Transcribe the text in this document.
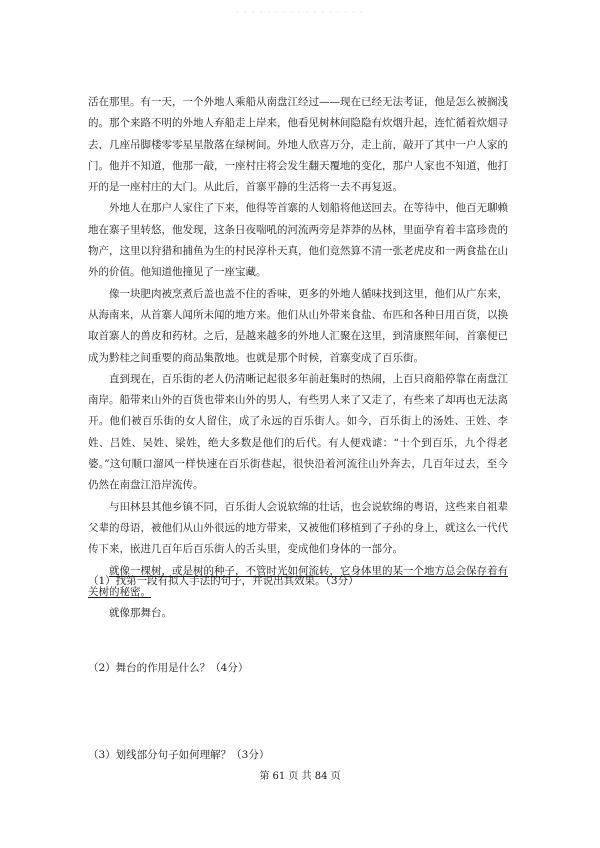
· · · · · · · · · · · · · · · · ·

活在那里。有一天，一个外地人乘船从南盘江经过——现在已经无法考证，他是怎么被搁浅的。那个来路不明的外地人弃船走上岸来，他看见树林间隐隐有炊烟升起，连忙循着炊烟寻去，几座吊脚楼零零星星散落在绿树间。外地人欣喜万分，走上前，敲开了其中一户人家的门。他并不知道，他那一敲，一座村庄将会发生翻天覆地的变化，那户人家也不知道，他打开的是一座村庄的大门。从此后，首寨平静的生活将一去不再复返。

外地人在那户人家住了下来，他得等首寨的人划船将他送回去。在等待中，他百无聊赖地在寨子里转悠，他发现，这条日夜喘吼的河流两旁是莽莽的丛林，里面孕育着丰富珍贵的物产，这里以狩猎和捕鱼为生的村民淳朴天真，他们竟然算不清一张老虎皮和一两食盐在山外的价值。他知道他撞见了一座宝藏。

像一块肥肉被烹煮后盖也盖不住的香味，更多的外地人循味找到这里，他们从广东来，从海南来，从首寨人闻所未闻的地方来。他们从山外带来食盐、布匹和各种日用百货，以换取首寨人的兽皮和药材。之后，是越来越多的外地人汇聚在这里，到清康熙年间，首寨便已成为黔桂之间重要的商品集散地。也就是那个时候，首寨变成了百乐街。

直到现在，百乐街的老人仍清晰记起很多年前赶集时的热闹，上百只商船停靠在南盘江南岸。船带来山外的百货也带来山外的男人，有些男人来了又走了，有些来了却再也无法离开。他们被百乐街的女人留住，成了永远的百乐街人。如今，百乐街上的汤姓、王姓、李姓、吕姓、吴姓、梁姓，绝大多数是他们的后代。有人便戏谑：“十个到百乐，九个得老婆。”这句顺口溜风一样快速在百乐街巷起，很快沿着河流往山外奔去，几百年过去，至今仍然在南盘江沿岸流传。

与田林县其他乡镇不同，百乐街人会说软绵的壮话，也会说软绵的粤语，这些来自祖辈父辈的母语，被他们从山外很远的地方带来，又被他们移植到了子孙的身上，就这么一代代传下来，嵌进几百年后百乐街人的舌头里，变成他们身体的一部分。

就像一棵树，或是树的种子，不管时光如何流转，它身体里的某一个地方总会保存着有关树的秘密。

就像那舞台。

（1）找第一段有拟人手法的句子，并说出其效果。（3分）
（2）舞台的作用是什么？（4分）
（3）划线部分句子如何理解？（3分）
第 61 页 共 84 页
